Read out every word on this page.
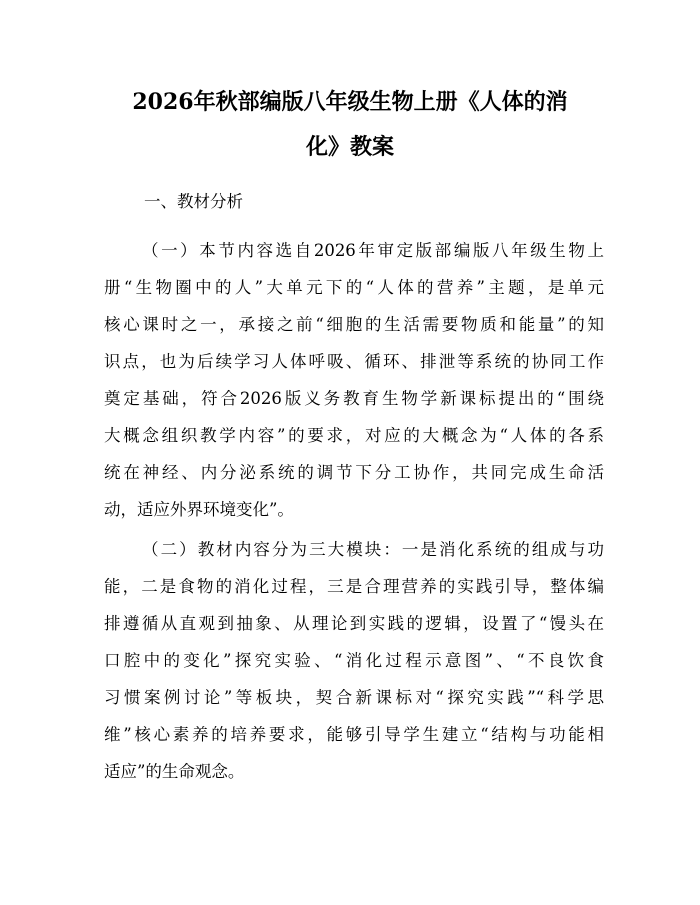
2026年秋部编版八年级生物上册《人体的消
化》教案
一、教材分析
（一）本节内容选自2026年审定版部编版八年级生物上
册“生物圈中的人”大单元下的“人体的营养”主题，是单元
核心课时之一，承接之前“细胞的生活需要物质和能量”的知
识点，也为后续学习人体呼吸、循环、排泄等系统的协同工作
奠定基础，符合2026版义务教育生物学新课标提出的“围绕
大概念组织教学内容”的要求，对应的大概念为“人体的各系
统在神经、内分泌系统的调节下分工协作，共同完成生命活
动，适应外界环境变化”。
（二）教材内容分为三大模块：一是消化系统的组成与功
能，二是食物的消化过程，三是合理营养的实践引导，整体编
排遵循从直观到抽象、从理论到实践的逻辑，设置了“馒头在
口腔中的变化”探究实验、“消化过程示意图”、“不良饮食
习惯案例讨论”等板块，契合新课标对“探究实践”“科学思
维”核心素养的培养要求，能够引导学生建立“结构与功能相
适应”的生命观念。
